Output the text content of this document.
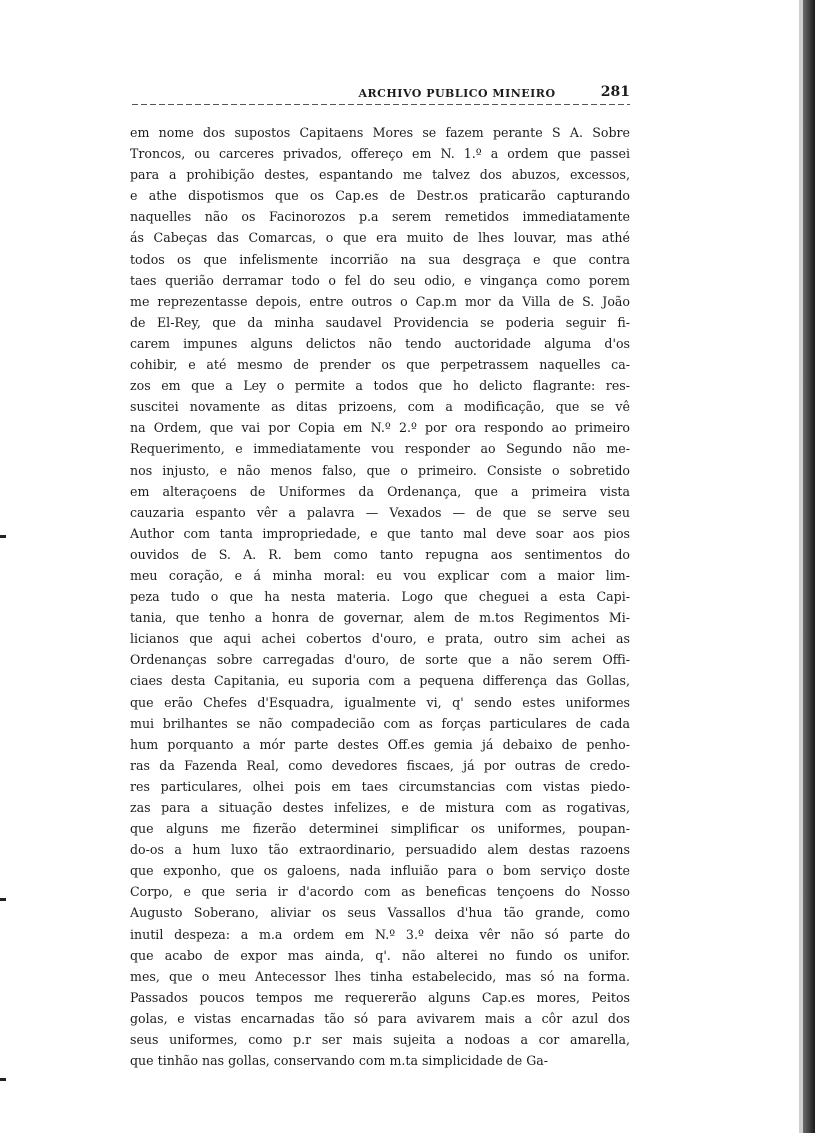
ARCHIVO PUBLICO MINEIRO	281
em nome dos supostos Capitaens Mores se fazem perante S A. Sobre
Troncos, ou carceres privados, offereço em N. 1.º a ordem que passei
para a prohibição destes, espantando me talvez dos abuzos, excessos,
e athe dispotismos que os Cap.es de Destr.os praticarão capturando
naquelles não os Facinorozos p.a serem remetidos immediatamente
ás Cabeças das Comarcas, o que era muito de lhes louvar, mas athé
todos os que infelismente incorrião na sua desgraça e que contra
taes querião derramar todo o fel do seu odio, e vingança como porem
me reprezentasse depois, entre outros o Cap.m mor da Villa de S. João
de El-Rey, que da minha saudavel Providencia se poderia seguir fi-
carem impunes alguns delictos não tendo auctoridade alguma d'os
cohibir, e até mesmo de prender os que perpetrassem naquelles ca-
zos em que a Ley o permite a todos que ho delicto flagrante: res-
suscitei novamente as ditas prizoens, com a modificação, que se vê
na Ordem, que vai por Copia em N.º 2.º por ora respondo ao primeiro
Requerimento, e immediatamente vou responder ao Segundo não me-
nos injusto, e não menos falso, que o primeiro. Consiste o sobretido
em alteraçoens de Uniformes da Ordenança, que a primeira vista
cauzaria espanto vêr a palavra — Vexados — de que se serve seu
Author com tanta impropriedade, e que tanto mal deve soar aos pios
ouvidos de S. A. R. bem como tanto repugna aos sentimentos do
meu coração, e á minha moral: eu vou explicar com a maior lim-
peza tudo o que ha nesta materia. Logo que cheguei a esta Capi-
tania, que tenho a honra de governar, alem de m.tos Regimentos Mi-
licianos que aqui achei cobertos d'ouro, e prata, outro sim achei as
Ordenanças sobre carregadas d'ouro, de sorte que a não serem Offi-
ciaes desta Capitania, eu suporia com a pequena differença das Gollas,
que erão Chefes d'Esquadra, igualmente vi, q' sendo estes uniformes
mui brilhantes se não compadecião com as forças particulares de cada
hum porquanto a mór parte destes Off.es gemia já debaixo de penho-
ras da Fazenda Real, como devedores fiscaes, já por outras de credo-
res particulares, olhei pois em taes circumstancias com vistas piedo-
zas para a situação destes infelizes, e de mistura com as rogativas,
que alguns me fizerão determinei simplificar os uniformes, poupan-
do-os a hum luxo tão extraordinario, persuadido alem destas razoens
que exponho, que os galoens, nada influião para o bom serviço doste
Corpo, e que seria ir d'acordo com as beneficas tençoens do Nosso
Augusto Soberano, aliviar os seus Vassallos d'hua tão grande, como
inutil despeza: a m.a ordem em N.º 3.º deixa vêr não só parte do
que acabo de expor mas ainda, q'. não alterei no fundo os unifor.
mes, que o meu Antecessor lhes tinha estabelecido, mas só na forma.
Passados poucos tempos me requererão alguns Cap.es mores, Peitos
golas, e vistas encarnadas tão só para avivarem mais a côr azul dos
seus uniformes, como p.r ser mais sujeita a nodoas a cor amarella,
que tinhão nas gollas, conservando com m.ta simplicidade de Ga-
